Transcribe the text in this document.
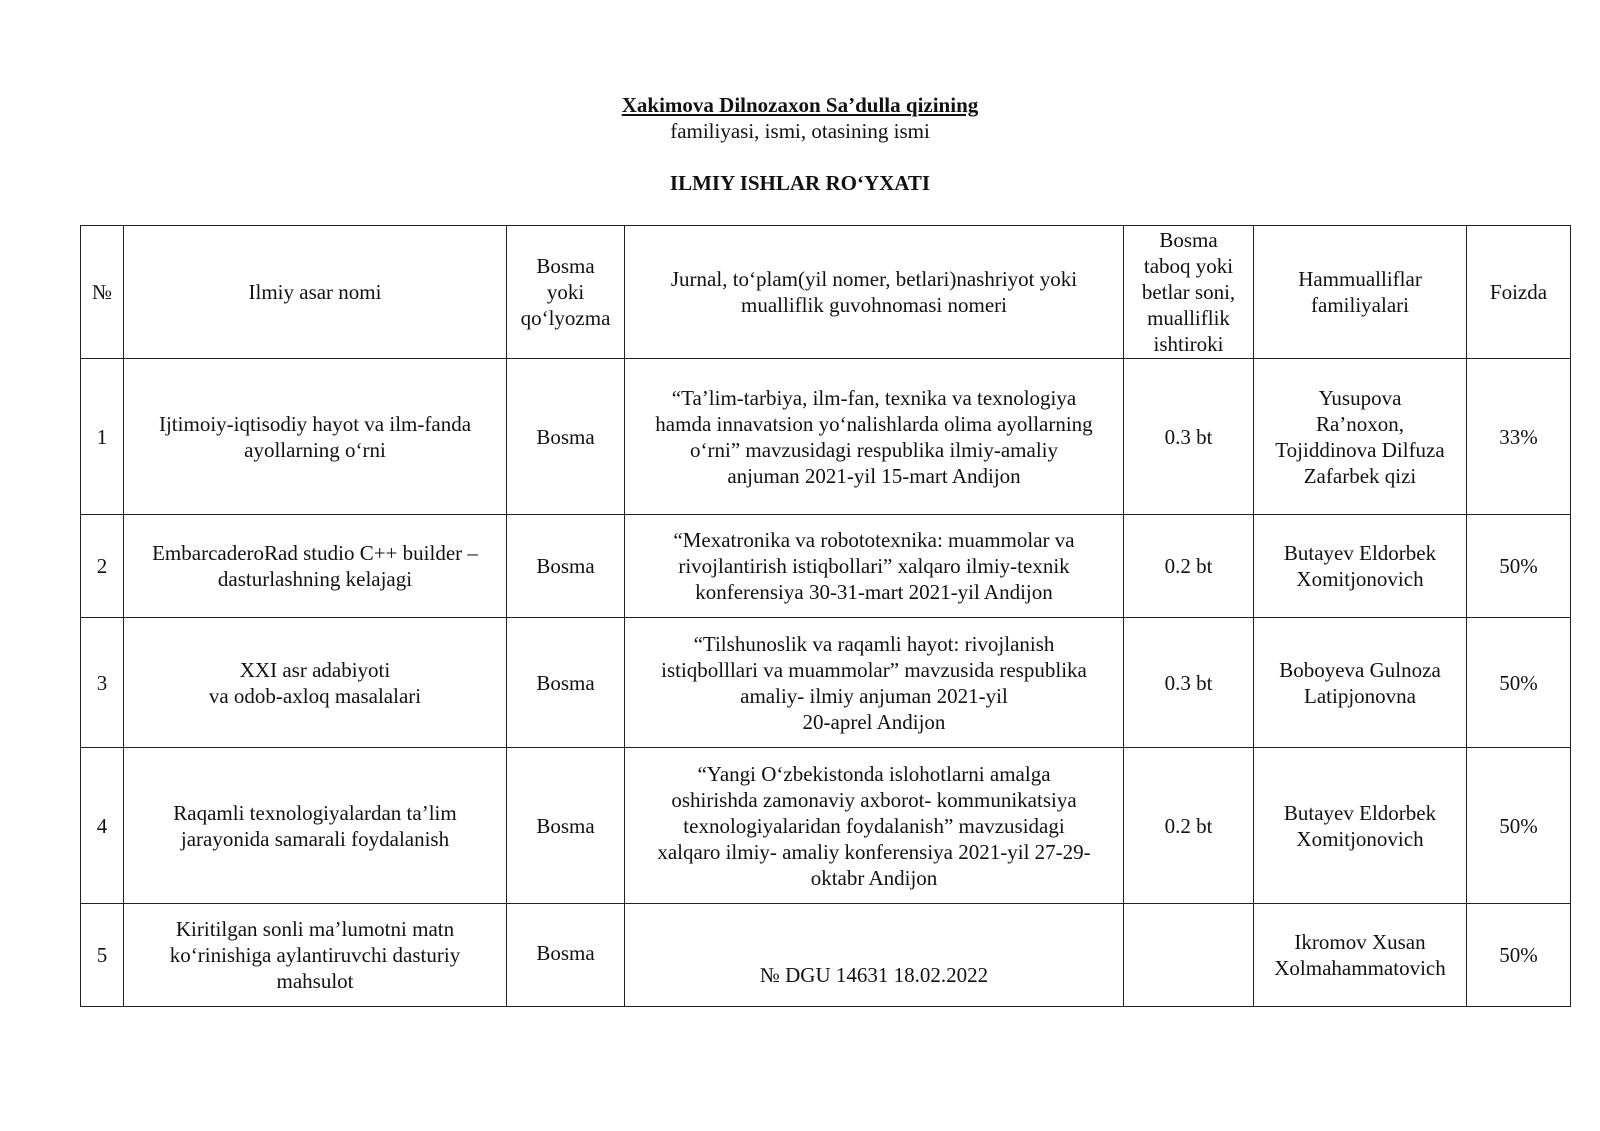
Xakimova Dilnozaxon Sa’dulla qizining
familiyasi, ismi, otasining ismi
ILMIY ISHLAR RO‘YXATI
№	Ilmiy asar nomi	Bosma
yoki
qo‘lyozma	Jurnal, to‘plam(yil nomer, betlari)nashriyot yoki mualliflik guvohnomasi nomeri	Bosma
taboq yoki
betlar soni,
mualliflik
ishtiroki	Hammualliflar
familiyalari	Foizda
1	Ijtimoiy-iqtisodiy hayot va ilm-fanda
ayollarning o‘rni	Bosma	“Ta’lim-tarbiya, ilm-fan, texnika va texnologiya
hamda innavatsion yo‘nalishlarda olima ayollarning
o‘rni” mavzusidagi respublika ilmiy-amaliy
anjuman 2021-yil 15-mart Andijon	0.3 bt	Yusupova
Ra’noxon,
Tojiddinova Dilfuza
Zafarbek qizi	33%
2	EmbarcaderoRad studio C++ builder –
dasturlashning kelajagi	Bosma	“Mexatronika va robototexnika: muammolar va
rivojlantirish istiqbollari” xalqaro ilmiy-texnik
konferensiya 30-31-mart 2021-yil Andijon	0.2 bt	Butayev Eldorbek
Xomitjonovich	50%
3	XXI asr adabiyoti
va odob-axloq masalalari	Bosma	“Tilshunoslik va raqamli hayot: rivojlanish
istiqbolllari va muammolar” mavzusida respublika
amaliy- ilmiy anjuman 2021-yil
20-aprel Andijon	0.3 bt	Boboyeva Gulnoza
Latipjonovna	50%
4	Raqamli texnologiyalardan ta’lim
jarayonida samarali foydalanish	Bosma	“Yangi O‘zbekistonda islohotlarni amalga
oshirishda zamonaviy axborot- kommunikatsiya
texnologiyalaridan foydalanish” mavzusidagi
xalqaro ilmiy- amaliy konferensiya 2021-yil 27-29-
oktabr Andijon	0.2 bt	Butayev Eldorbek
Xomitjonovich	50%
5	Kiritilgan sonli ma’lumotni matn
ko‘rinishiga aylantiruvchi dasturiy
mahsulot	Bosma	№ DGU 14631 18.02.2022		Ikromov Xusan
Xolmahammatovich	50%
